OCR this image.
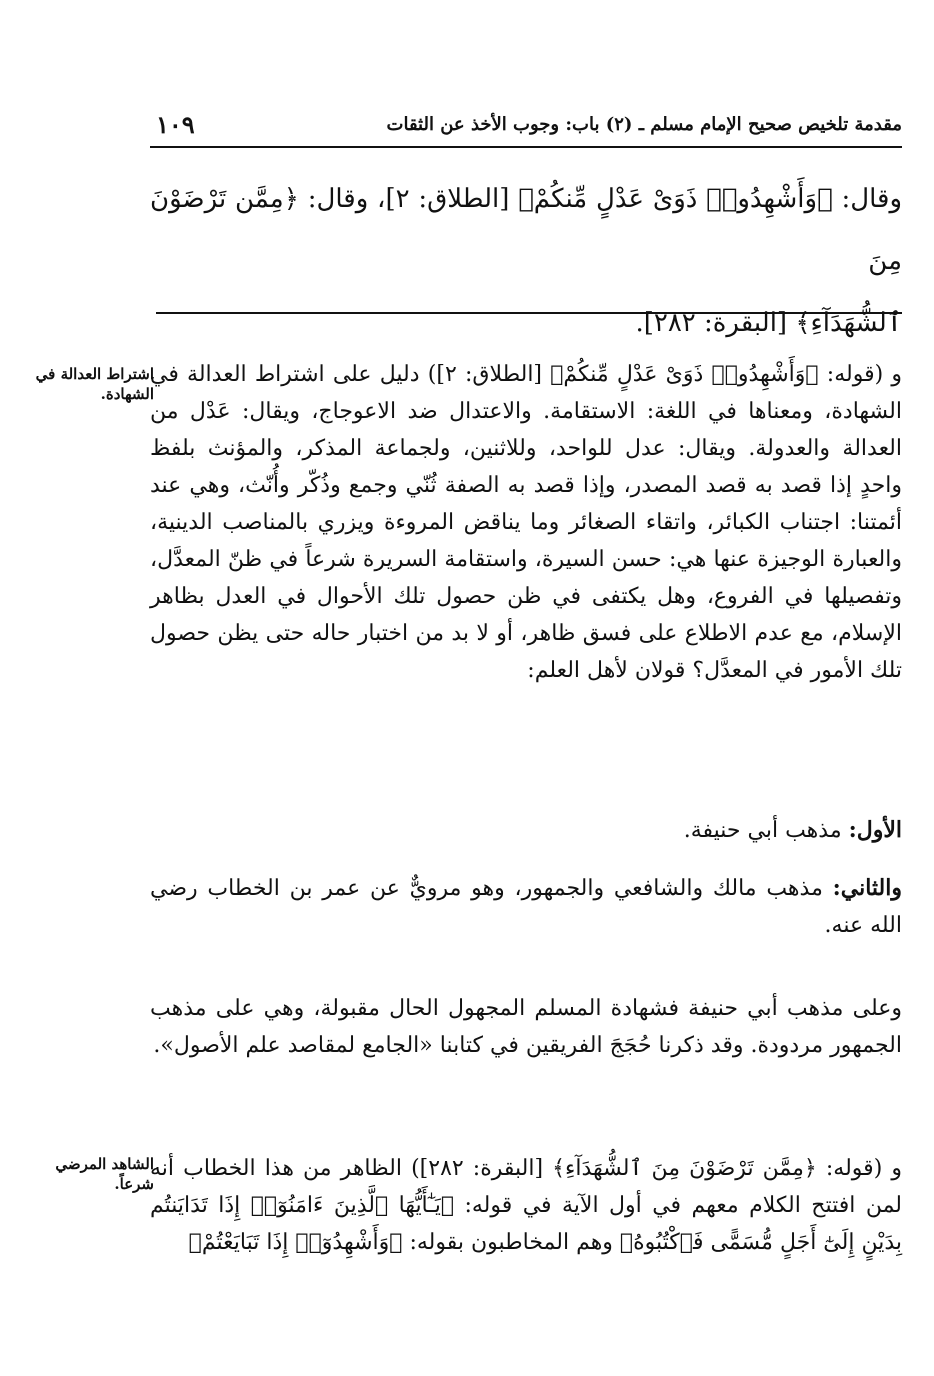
مقدمة تلخيص صحيح الإمام مسلم ـ (٢) باب: وجوب الأخذ عن الثقات
١٠٩
وقال: ﴿وَأَشْهِدُوا۟ ذَوَىْ عَدْلٍ مِّنكُمْ﴾ [الطلاق: ٢]، وقال: ﴿مِمَّن تَرْضَوْنَ مِنَ
ٱلشُّهَدَآءِ﴾ [البقرة: ٢٨٢].
اشتراط العدالة في الشهادة.
الشاهد المرضي شرعاً.

و (قوله: ﴿وَأَشْهِدُوا۟ ذَوَىْ عَدْلٍ مِّنكُمْ﴾ [الطلاق: ٢]) دليل على اشتراط العدالة في الشهادة، ومعناها في اللغة: الاستقامة. والاعتدال ضد الاعوجاج، ويقال: عَدْل من العدالة والعدولة. ويقال: عدل للواحد، وللاثنين، ولجماعة المذكر، والمؤنث بلفظ واحدٍ إذا قصد به قصد المصدر، وإذا قصد به الصفة ثُنّي وجمع وذُكّر وأُنّث، وهي عند أئمتنا: اجتناب الكبائر، واتقاء الصغائر وما يناقض المروءة ويزري بالمناصب الدينية، والعبارة الوجيزة عنها هي: حسن السيرة، واستقامة السريرة شرعاً في ظنّ المعدَّل، وتفصيلها في الفروع، وهل يكتفى في ظن حصول تلك الأحوال في العدل بظاهر الإسلام، مع عدم الاطلاع على فسق ظاهر، أو لا بد من اختبار حاله حتى يظن حصول تلك الأمور في المعدَّل؟ قولان لأهل العلم:

الأول: مذهب أبي حنيفة.

والثاني: مذهب مالك والشافعي والجمهور، وهو مرويٌّ عن عمر بن الخطاب رضي الله عنه.

وعلى مذهب أبي حنيفة فشهادة المسلم المجهول الحال مقبولة، وهي على مذهب الجمهور مردودة. وقد ذكرنا حُجَجَ الفريقين في كتابنا «الجامع لمقاصد علم الأصول».

و (قوله: ﴿مِمَّن تَرْضَوْنَ مِنَ ٱلشُّهَدَآءِ﴾ [البقرة: ٢٨٢]) الظاهر من هذا الخطاب أنه لمن افتتح الكلام معهم في أول الآية في قوله: ﴿يَـٰٓأَيُّهَا ٱلَّذِينَ ءَامَنُوٓا۟ إِذَا تَدَايَنتُم بِدَيْنٍ إِلَىٰٓ أَجَلٍ مُّسَمًّى فَٱكْتُبُوهُ﴾ وهم المخاطبون بقوله: ﴿وَأَشْهِدُوٓا۟ إِذَا تَبَايَعْتُمْ﴾
